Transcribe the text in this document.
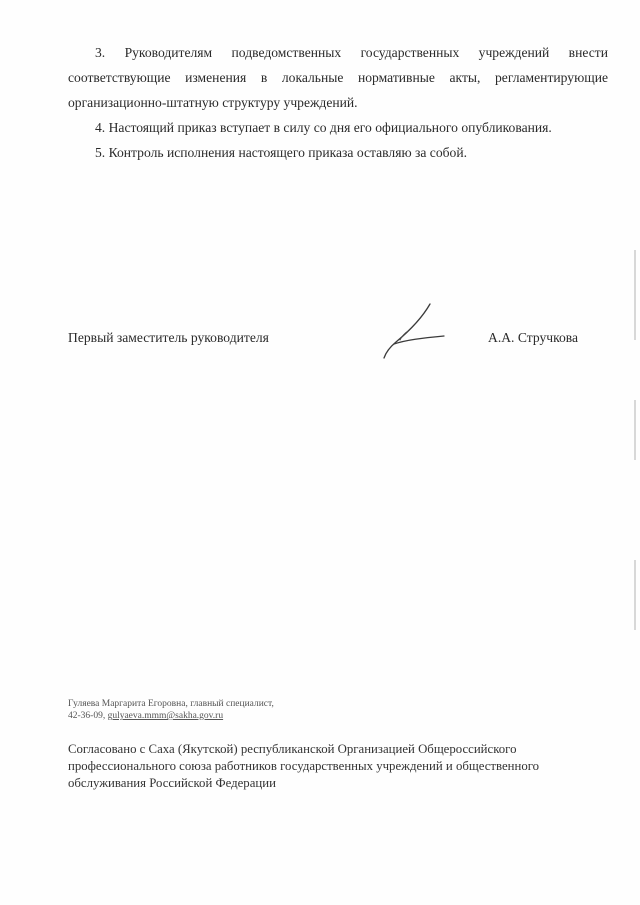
3. Руководителям подведомственных государственных учреждений внести соответствующие изменения в локальные нормативные акты, регламентирующие организационно-штатную структуру учреждений.

4. Настоящий приказ вступает в силу со дня его официального опубликования.

5. Контроль исполнения настоящего приказа оставляю за собой.

Первый заместитель руководителя	А.А. Стручкова
Гуляева Маргарита Егоровна, главный специалист,
42-36-09, gulyaeva.mmm@sakha.gov.ru
Согласовано с Саха (Якутской) республиканской Организацией Общероссийского
профессионального союза работников государственных учреждений и общественного
обслуживания Российской Федерации
